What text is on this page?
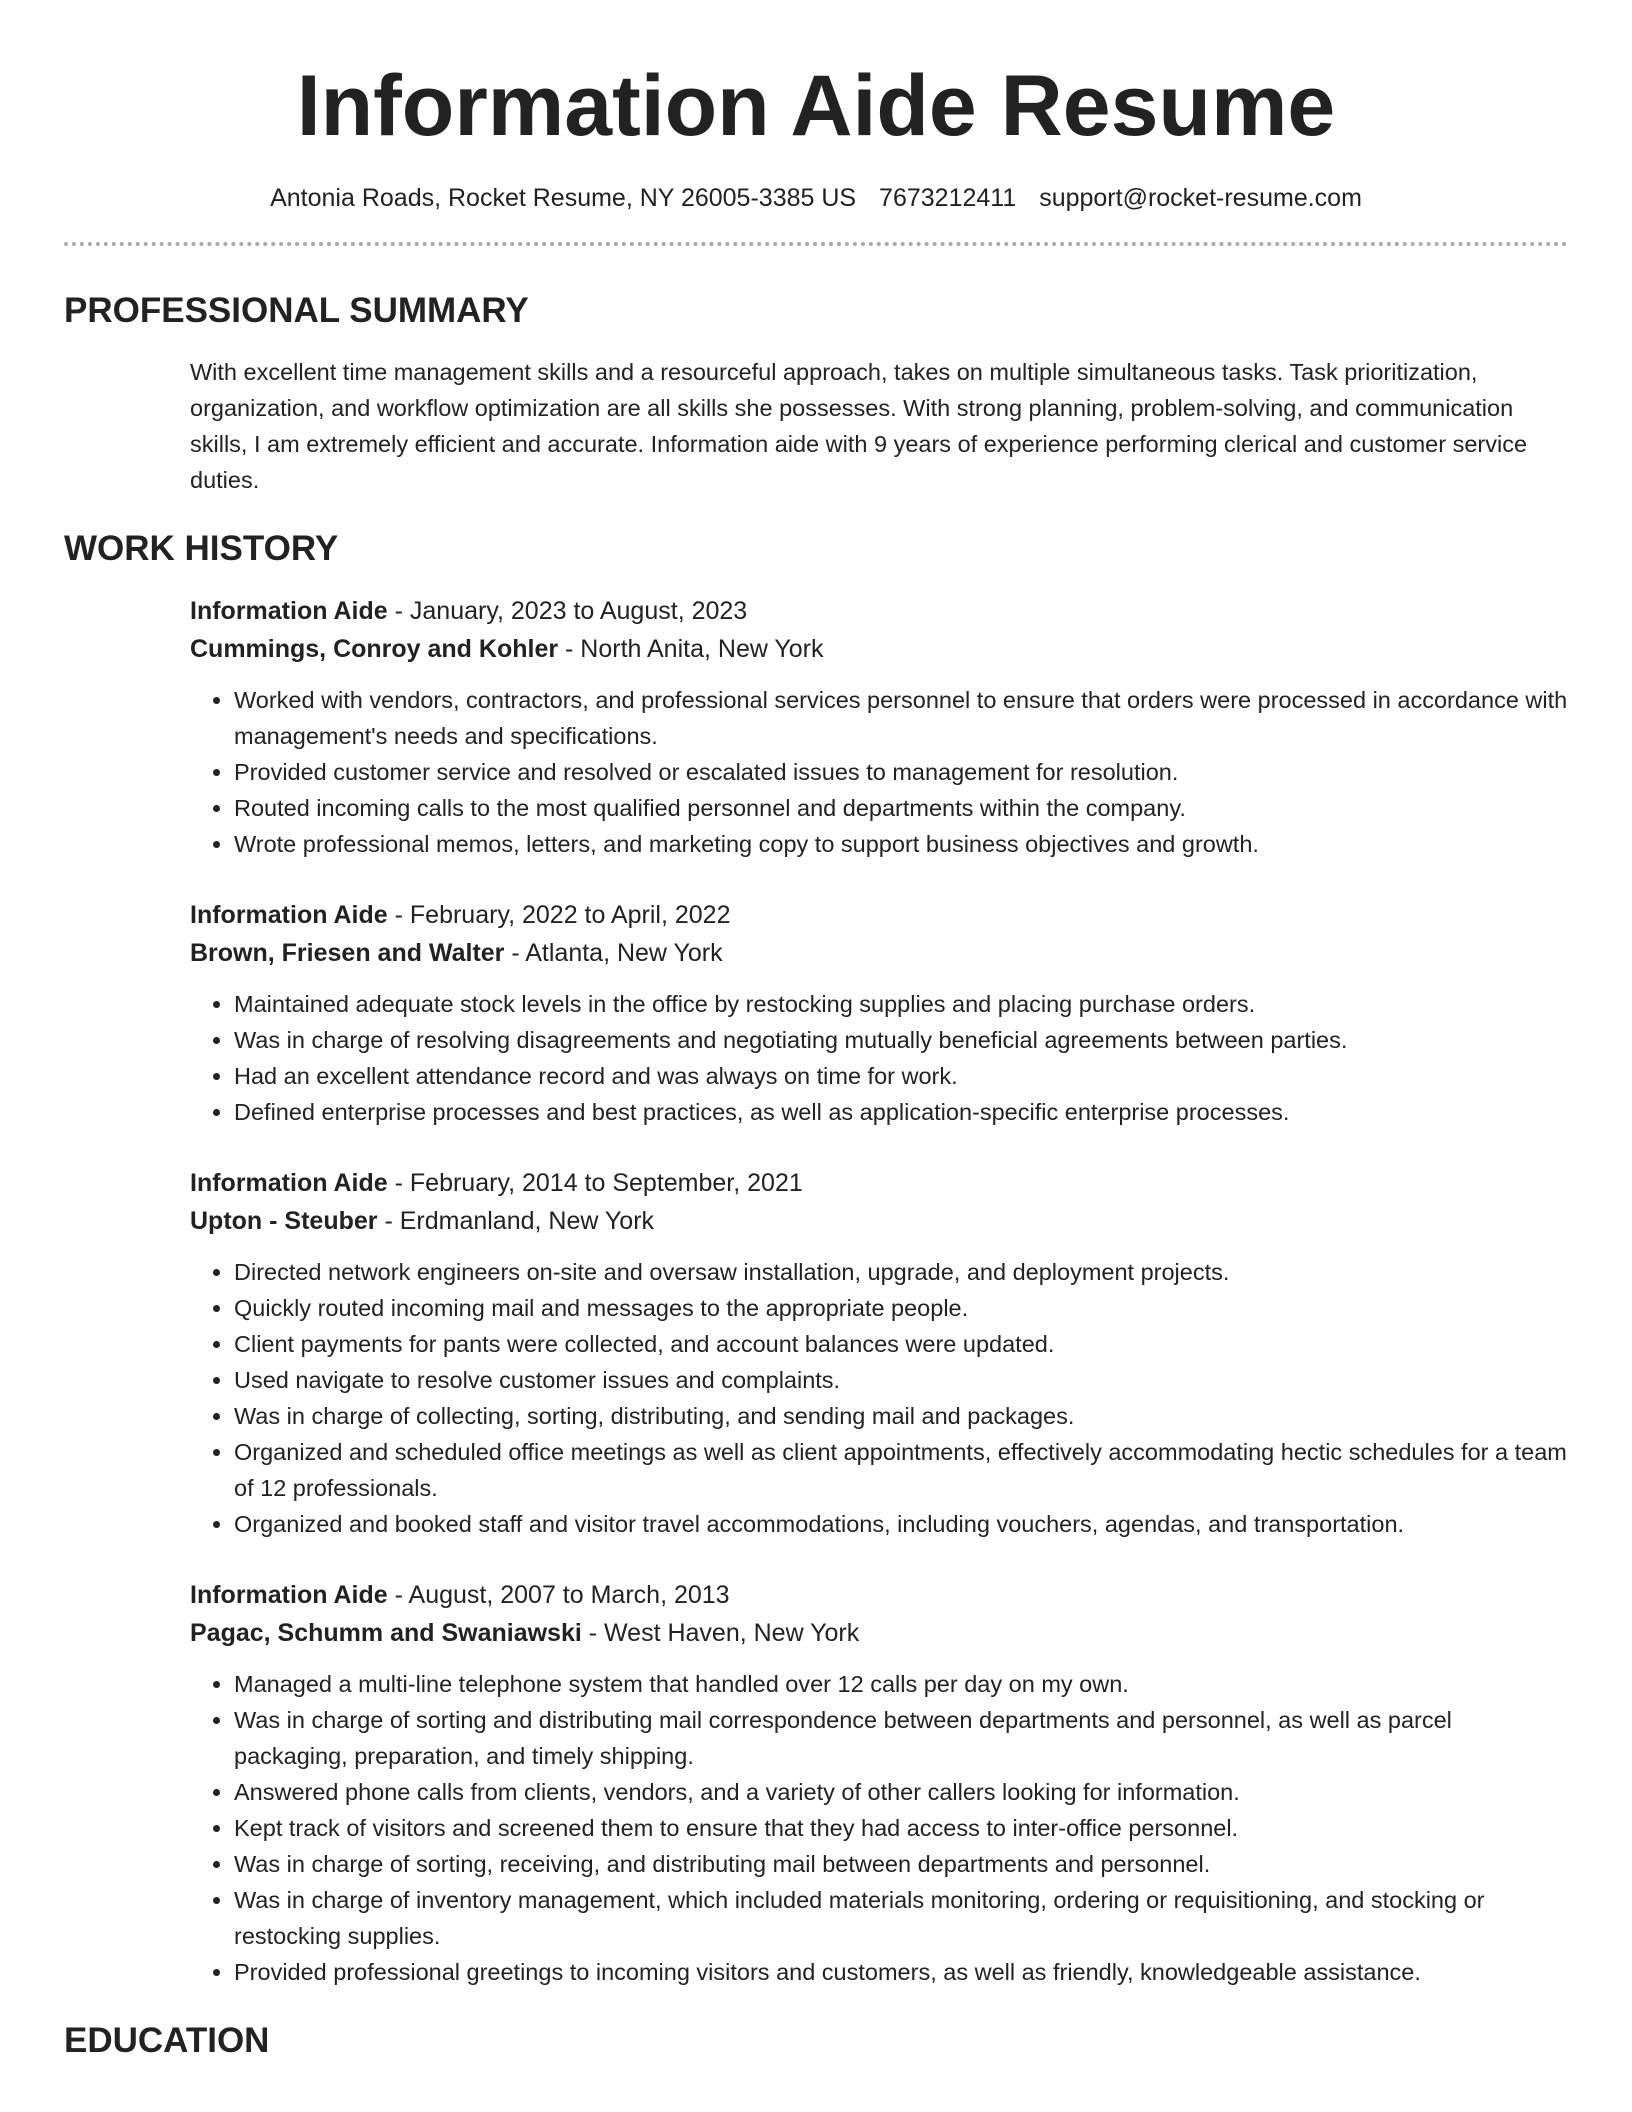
Information Aide Resume
Antonia Roads, Rocket Resume, NY 26005-3385 US 7673212411 support@rocket-resume.com
PROFESSIONAL SUMMARY

With excellent time management skills and a resourceful approach, takes on multiple simultaneous tasks. Task prioritization, organization, and workflow optimization are all skills she possesses. With strong planning, problem-solving, and communication skills, I am extremely efficient and accurate. Information aide with 9 years of experience performing clerical and customer service duties.

WORK HISTORY
Information Aide - January, 2023 to August, 2023
Cummings, Conroy and Kohler - North Anita, New York
• Worked with vendors, contractors, and professional services personnel to ensure that orders were processed in accordance with management's needs and specifications.
• Provided customer service and resolved or escalated issues to management for resolution.
• Routed incoming calls to the most qualified personnel and departments within the company.
• Wrote professional memos, letters, and marketing copy to support business objectives and growth.
Information Aide - February, 2022 to April, 2022
Brown, Friesen and Walter - Atlanta, New York
• Maintained adequate stock levels in the office by restocking supplies and placing purchase orders.
• Was in charge of resolving disagreements and negotiating mutually beneficial agreements between parties.
• Had an excellent attendance record and was always on time for work.
• Defined enterprise processes and best practices, as well as application-specific enterprise processes.
Information Aide - February, 2014 to September, 2021
Upton - Steuber - Erdmanland, New York
• Directed network engineers on-site and oversaw installation, upgrade, and deployment projects.
• Quickly routed incoming mail and messages to the appropriate people.
• Client payments for pants were collected, and account balances were updated.
• Used navigate to resolve customer issues and complaints.
• Was in charge of collecting, sorting, distributing, and sending mail and packages.
• Organized and scheduled office meetings as well as client appointments, effectively accommodating hectic schedules for a team of 12 professionals.
• Organized and booked staff and visitor travel accommodations, including vouchers, agendas, and transportation.
Information Aide - August, 2007 to March, 2013
Pagac, Schumm and Swaniawski - West Haven, New York
• Managed a multi-line telephone system that handled over 12 calls per day on my own.
• Was in charge of sorting and distributing mail correspondence between departments and personnel, as well as parcel packaging, preparation, and timely shipping.
• Answered phone calls from clients, vendors, and a variety of other callers looking for information.
• Kept track of visitors and screened them to ensure that they had access to inter-office personnel.
• Was in charge of sorting, receiving, and distributing mail between departments and personnel.
• Was in charge of inventory management, which included materials monitoring, ordering or requisitioning, and stocking or restocking supplies.
• Provided professional greetings to incoming visitors and customers, as well as friendly, knowledgeable assistance.
EDUCATION
